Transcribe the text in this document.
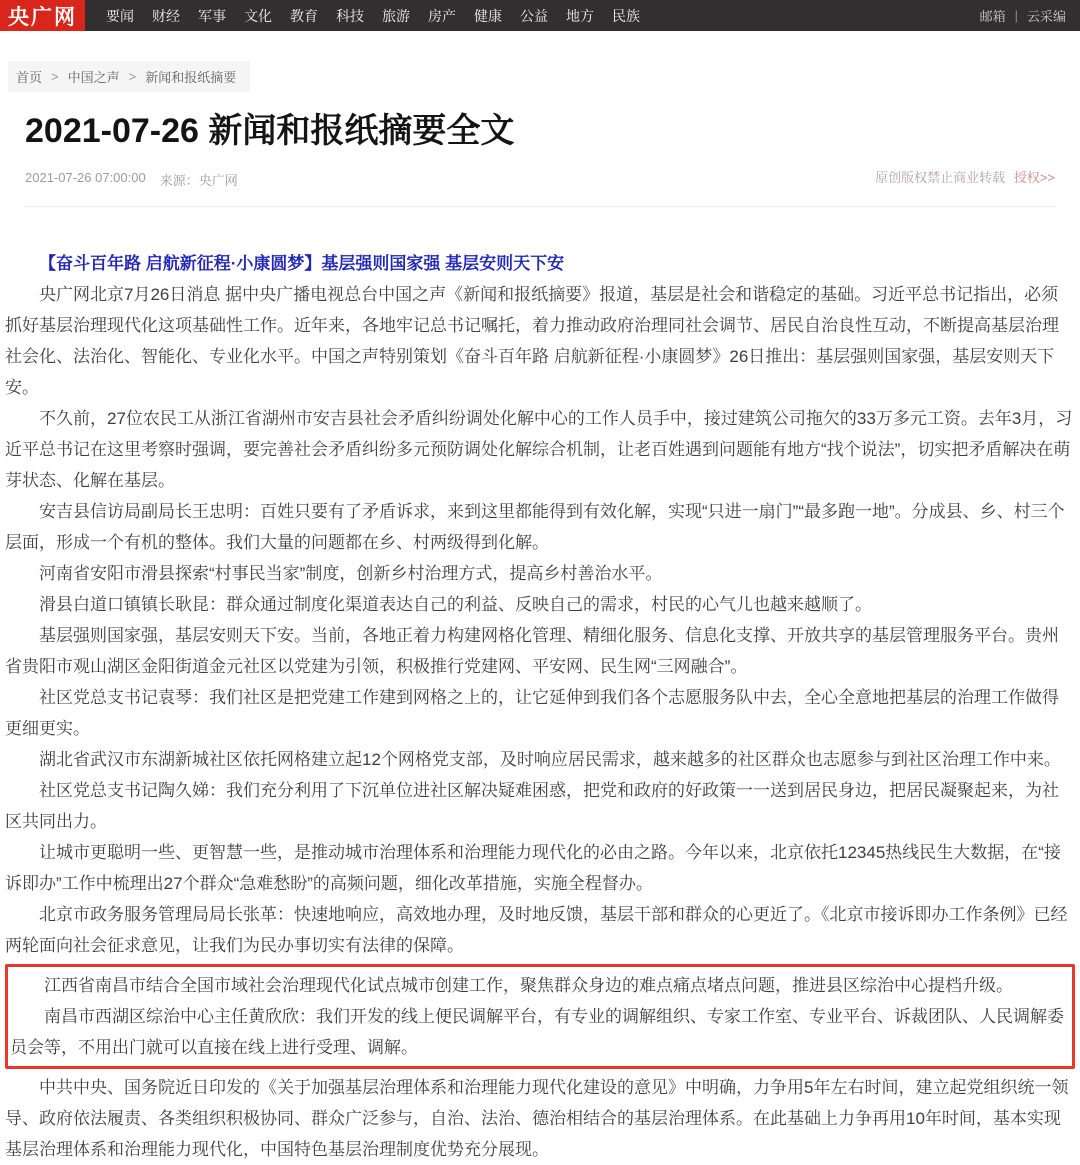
央广网	要闻	财经	军事	文化	教育	科技	旅游	房产	健康	公益	地方	民族	邮箱 | 云采编
首页 > 中国之声 > 新闻和报纸摘要
2021-07-26 新闻和报纸摘要全文
2021-07-26 07:00:00 来源：央广网	原创版权禁止商业转载 授权>>

【奋斗百年路 启航新征程·小康圆梦】基层强则国家强 基层安则天下安

央广网北京7月26日消息 据中央广播电视总台中国之声《新闻和报纸摘要》报道，基层是社会和谐稳定的基础。习近平总书记指出，必须抓好基层治理现代化这项基础性工作。近年来，各地牢记总书记嘱托，着力推动政府治理同社会调节、居民自治良性互动，不断提高基层治理社会化、法治化、智能化、专业化水平。中国之声特别策划《奋斗百年路 启航新征程·小康圆梦》26日推出：基层强则国家强，基层安则天下安。

不久前，27位农民工从浙江省湖州市安吉县社会矛盾纠纷调处化解中心的工作人员手中，接过建筑公司拖欠的33万多元工资。去年3月，习近平总书记在这里考察时强调，要完善社会矛盾纠纷多元预防调处化解综合机制，让老百姓遇到问题能有地方“找个说法”，切实把矛盾解决在萌芽状态、化解在基层。

安吉县信访局副局长王忠明：百姓只要有了矛盾诉求，来到这里都能得到有效化解，实现“只进一扇门”“最多跑一地”。分成县、乡、村三个层面，形成一个有机的整体。我们大量的问题都在乡、村两级得到化解。

河南省安阳市滑县探索“村事民当家”制度，创新乡村治理方式，提高乡村善治水平。

滑县白道口镇镇长耿昆：群众通过制度化渠道表达自己的利益、反映自己的需求，村民的心气儿也越来越顺了。

基层强则国家强，基层安则天下安。当前，各地正着力构建网格化管理、精细化服务、信息化支撑、开放共享的基层管理服务平台。贵州省贵阳市观山湖区金阳街道金元社区以党建为引领，积极推行党建网、平安网、民生网“三网融合”。

社区党总支书记袁琴：我们社区是把党建工作建到网格之上的，让它延伸到我们各个志愿服务队中去，全心全意地把基层的治理工作做得更细更实。

湖北省武汉市东湖新城社区依托网格建立起12个网格党支部，及时响应居民需求，越来越多的社区群众也志愿参与到社区治理工作中来。

社区党总支书记陶久娣：我们充分利用了下沉单位进社区解决疑难困惑，把党和政府的好政策一一送到居民身边，把居民凝聚起来，为社区共同出力。

让城市更聪明一些、更智慧一些，是推动城市治理体系和治理能力现代化的必由之路。今年以来，北京依托12345热线民生大数据，在“接诉即办”工作中梳理出27个群众“急难愁盼”的高频问题，细化改革措施，实施全程督办。

北京市政务服务管理局局长张革：快速地响应，高效地办理，及时地反馈，基层干部和群众的心更近了。《北京市接诉即办工作条例》已经两轮面向社会征求意见，让我们为民办事切实有法律的保障。

江西省南昌市结合全国市域社会治理现代化试点城市创建工作，聚焦群众身边的难点痛点堵点问题，推进县区综治中心提档升级。

南昌市西湖区综治中心主任黄欣欣：我们开发的线上便民调解平台，有专业的调解组织、专家工作室、专业平台、诉裁团队、人民调解委员会等，不用出门就可以直接在线上进行受理、调解。

中共中央、国务院近日印发的《关于加强基层治理体系和治理能力现代化建设的意见》中明确，力争用5年左右时间，建立起党组织统一领导、政府依法履责、各类组织积极协同、群众广泛参与，自治、法治、德治相结合的基层治理体系。在此基础上力争再用10年时间，基本实现基层治理体系和治理能力现代化，中国特色基层治理制度优势充分展现。
